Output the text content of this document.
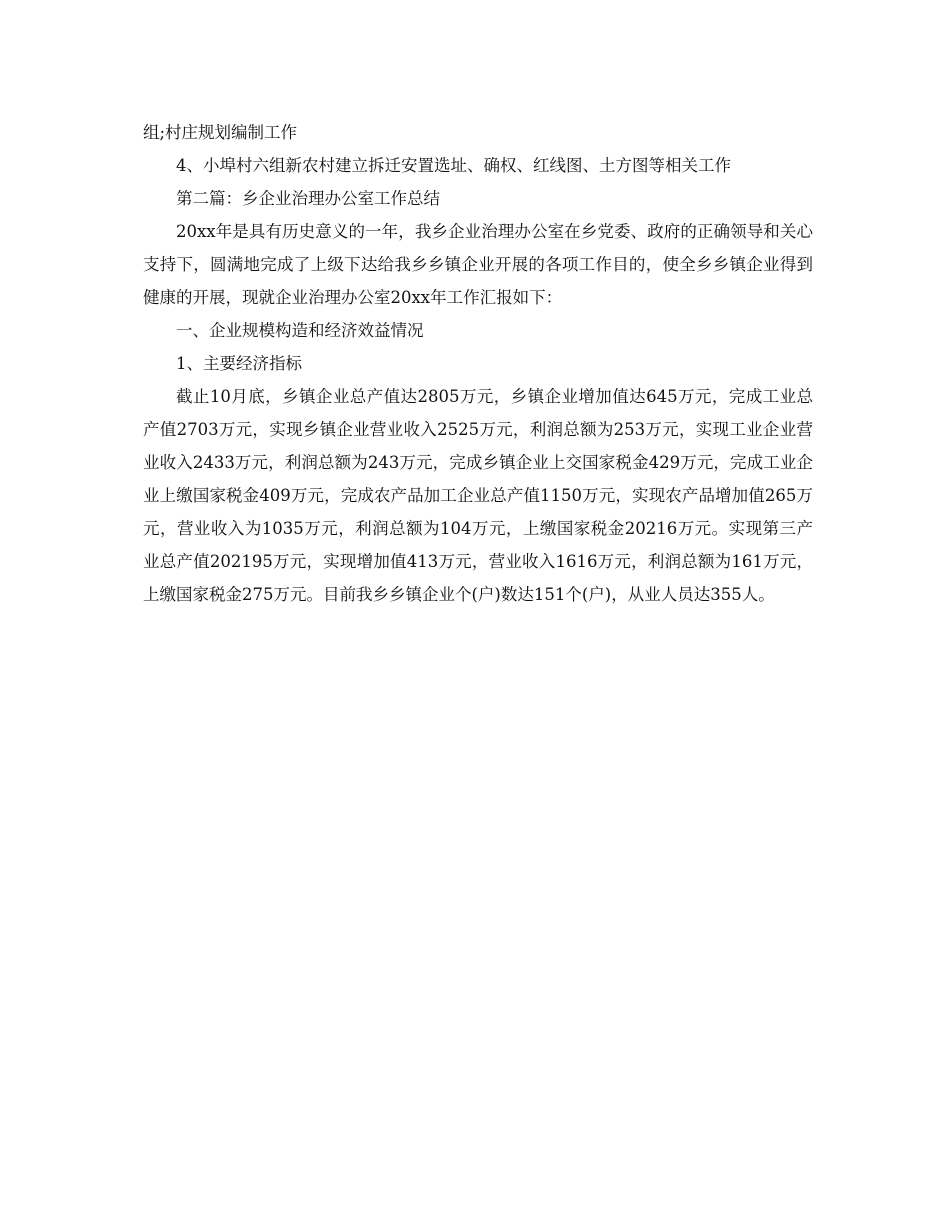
组;村庄规划编制工作

4、小埠村六组新农村建立拆迁安置选址、确权、红线图、土方图等相关工作

第二篇：乡企业治理办公室工作总结

20xx年是具有历史意义的一年，我乡企业治理办公室在乡党委、政府的正确领导和关心支持下，圆满地完成了上级下达给我乡乡镇企业开展的各项工作目的，使全乡乡镇企业得到健康的开展，现就企业治理办公室20xx年工作汇报如下：

一、企业规模构造和经济效益情况

1、主要经济指标

截止10月底，乡镇企业总产值达2805万元，乡镇企业增加值达645万元，完成工业总产值2703万元，实现乡镇企业营业收入2525万元，利润总额为253万元，实现工业企业营业收入2433万元，利润总额为243万元，完成乡镇企业上交国家税金429万元，完成工业企业上缴国家税金409万元，完成农产品加工企业总产值1150万元，实现农产品增加值265万元，营业收入为1035万元，利润总额为104万元，上缴国家税金20216万元。实现第三产业总产值202195万元，实现增加值413万元，营业收入1616万元，利润总额为161万元，上缴国家税金275万元。目前我乡乡镇企业个(户)数达151个(户)，从业人员达355人。
